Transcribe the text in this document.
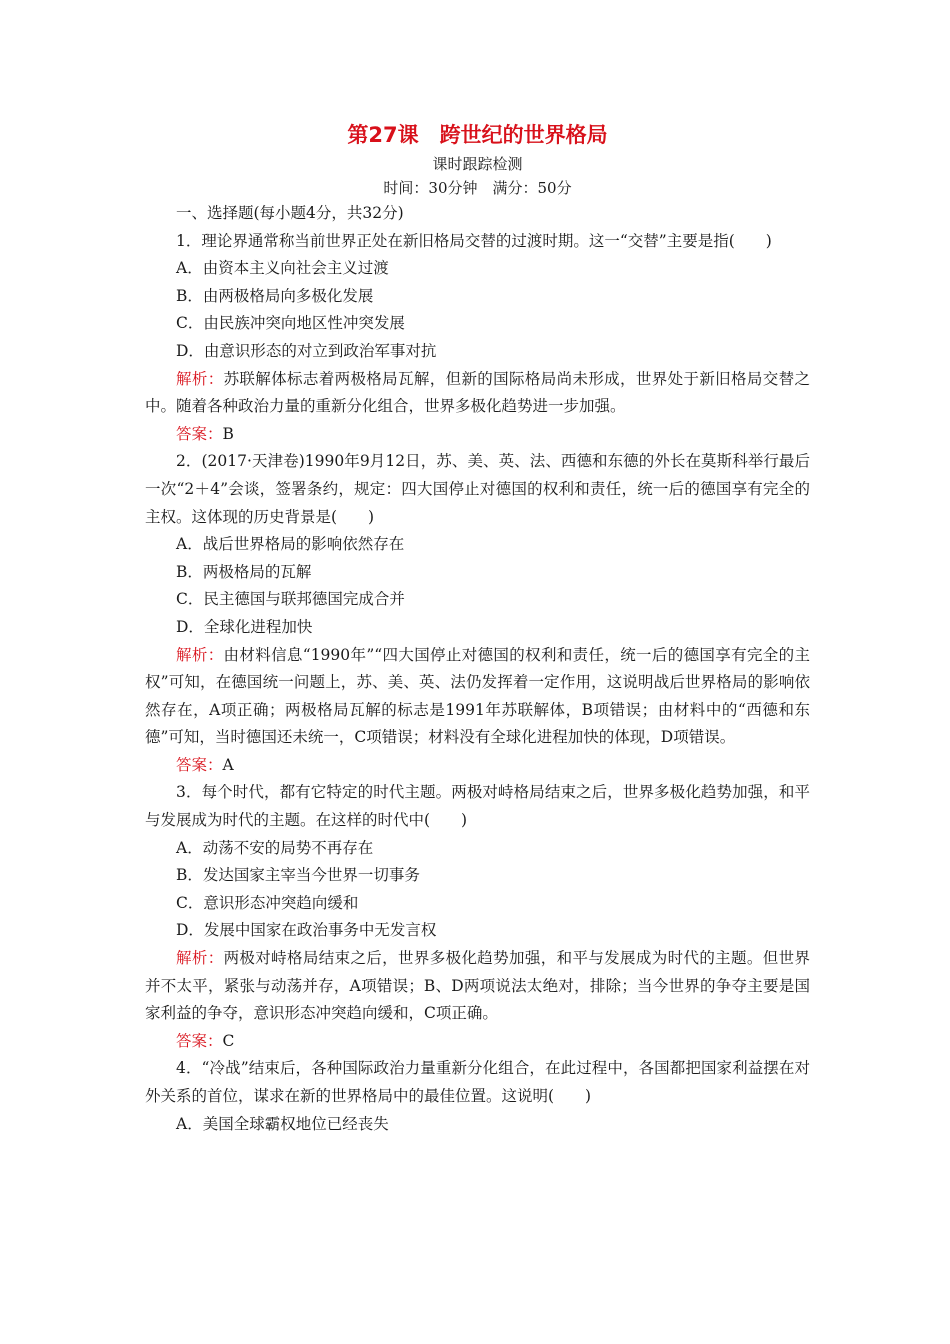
第27课　跨世纪的世界格局
课时跟踪检测
时间：30分钟　满分：50分

一、选择题(每小题4分，共32分)

1．理论界通常称当前世界正处在新旧格局交替的过渡时期。这一“交替”主要是指(　　)

A．由资本主义向社会主义过渡

B．由两极格局向多极化发展

C．由民族冲突向地区性冲突发展

D．由意识形态的对立到政治军事对抗

解析：苏联解体标志着两极格局瓦解，但新的国际格局尚未形成，世界处于新旧格局交替之中。随着各种政治力量的重新分化组合，世界多极化趋势进一步加强。

答案：B

2．(2017·天津卷)1990年9月12日，苏、美、英、法、西德和东德的外长在莫斯科举行最后一次“2＋4”会谈，签署条约，规定：四大国停止对德国的权利和责任，统一后的德国享有完全的主权。这体现的历史背景是(　　)

A．战后世界格局的影响依然存在

B．两极格局的瓦解

C．民主德国与联邦德国完成合并

D．全球化进程加快

解析：由材料信息“1990年”“四大国停止对德国的权利和责任，统一后的德国享有完全的主权”可知，在德国统一问题上，苏、美、英、法仍发挥着一定作用，这说明战后世界格局的影响依然存在，A项正确；两极格局瓦解的标志是1991年苏联解体，B项错误；由材料中的“西德和东德”可知，当时德国还未统一，C项错误；材料没有全球化进程加快的体现，D项错误。

答案：A

3．每个时代，都有它特定的时代主题。两极对峙格局结束之后，世界多极化趋势加强，和平与发展成为时代的主题。在这样的时代中(　　)

A．动荡不安的局势不再存在

B．发达国家主宰当今世界一切事务

C．意识形态冲突趋向缓和

D．发展中国家在政治事务中无发言权

解析：两极对峙格局结束之后，世界多极化趋势加强，和平与发展成为时代的主题。但世界并不太平，紧张与动荡并存，A项错误；B、D两项说法太绝对，排除；当今世界的争夺主要是国家利益的争夺，意识形态冲突趋向缓和，C项正确。

答案：C

4．“冷战”结束后，各种国际政治力量重新分化组合，在此过程中，各国都把国家利益摆在对外关系的首位，谋求在新的世界格局中的最佳位置。这说明(　　)

A．美国全球霸权地位已经丧失
